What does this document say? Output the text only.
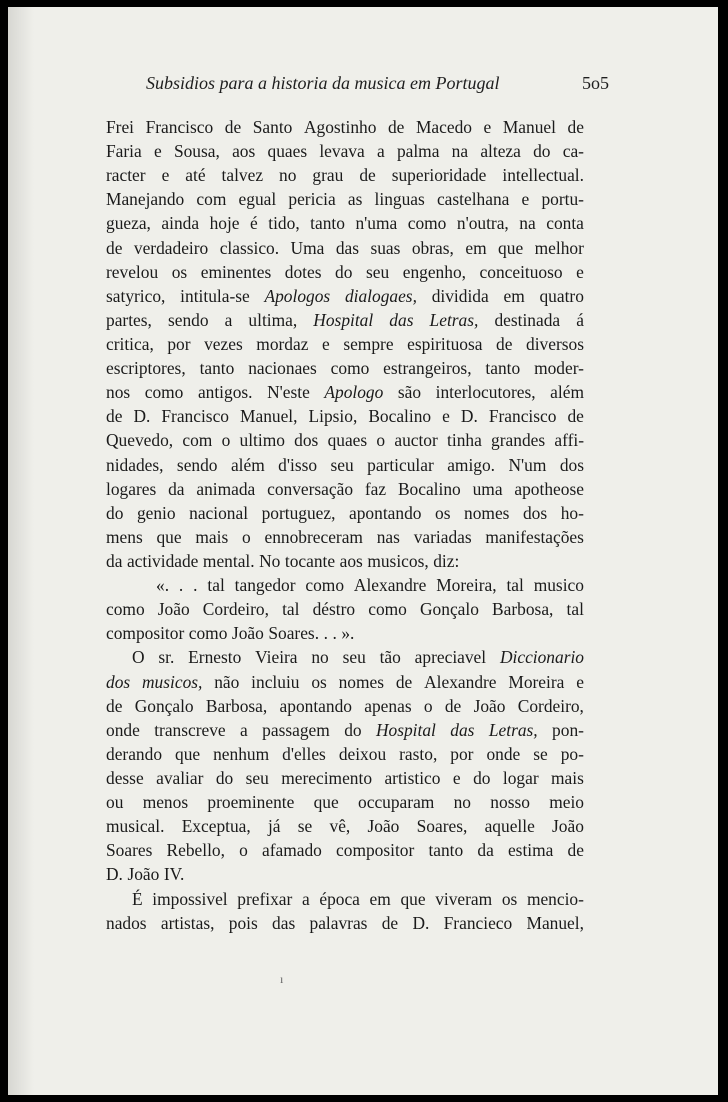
Subsidios para a historia da musica em Portugal	5o5
Frei Francisco de Santo Agostinho de Macedo e Manuel de
Faria e Sousa, aos quaes levava a palma na alteza do ca-
racter e até talvez no grau de superioridade intellectual.
Manejando com egual pericia as linguas castelhana e portu-
gueza, ainda hoje é tido, tanto n'uma como n'outra, na conta
de verdadeiro classico. Uma das suas obras, em que melhor
revelou os eminentes dotes do seu engenho, conceituoso e
satyrico, intitula-se Apologos dialogaes, dividida em quatro
partes, sendo a ultima, Hospital das Letras, destinada á
critica, por vezes mordaz e sempre espirituosa de diversos
escriptores, tanto nacionaes como estrangeiros, tanto moder-
nos como antigos. N'este Apologo são interlocutores, além
de D. Francisco Manuel, Lipsio, Bocalino e D. Francisco de
Quevedo, com o ultimo dos quaes o auctor tinha grandes affi-
nidades, sendo além d'isso seu particular amigo. N'um dos
logares da animada conversação faz Bocalino uma apotheose
do genio nacional portuguez, apontando os nomes dos ho-
mens que mais o ennobreceram nas variadas manifestações
da actividade mental. No tocante aos musicos, diz:
«. . . tal tangedor como Alexandre Moreira, tal musico
como João Cordeiro, tal déstro como Gonçalo Barbosa, tal
compositor como João Soares. . . ».
O sr. Ernesto Vieira no seu tão apreciavel Diccionario
dos musicos, não incluiu os nomes de Alexandre Moreira e
de Gonçalo Barbosa, apontando apenas o de João Cordeiro,
onde transcreve a passagem do Hospital das Letras, pon-
derando que nenhum d'elles deixou rasto, por onde se po-
desse avaliar do seu merecimento artistico e do logar mais
ou menos proeminente que occuparam no nosso meio
musical. Exceptua, já se vê, João Soares, aquelle João
Soares Rebello, o afamado compositor tanto da estima de
D. João IV.
É impossivel prefixar a época em que viveram os mencio-
nados artistas, pois das palavras de D. Francieco Manuel,
ı
